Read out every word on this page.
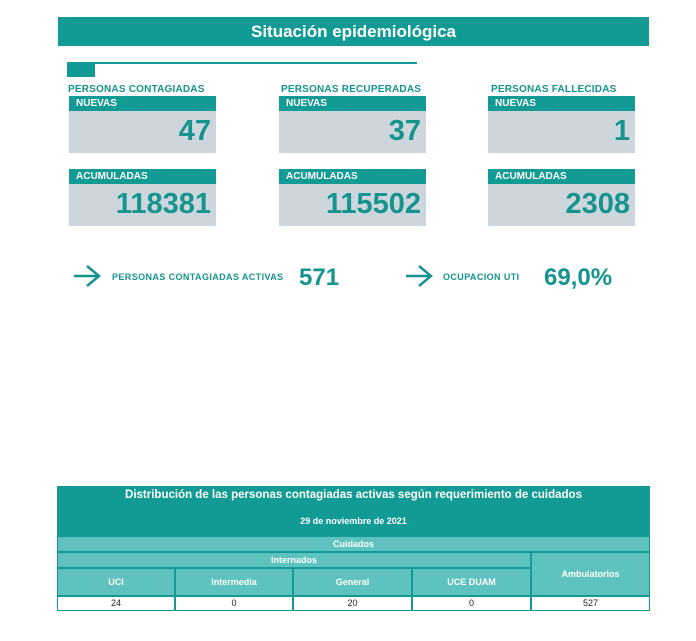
Situación epidemiológica
PERSONAS CONTAGIADAS
NUEVAS
47
ACUMULADAS
118381
PERSONAS RECUPERADAS
NUEVAS
37
ACUMULADAS
115502
PERSONAS FALLECIDAS
NUEVAS
1
ACUMULADAS
2308
PERSONAS CONTAGIADAS ACTIVAS 571	OCUPACION UTI 69,0%
Distribución de las personas contagiadas activas según requerimiento de cuidados
29 de noviembre de 2021
Cuidados
Internados
Ambulatorios
UCI	Intermedia	General	UCE DUAM
24	0	20	0	527
